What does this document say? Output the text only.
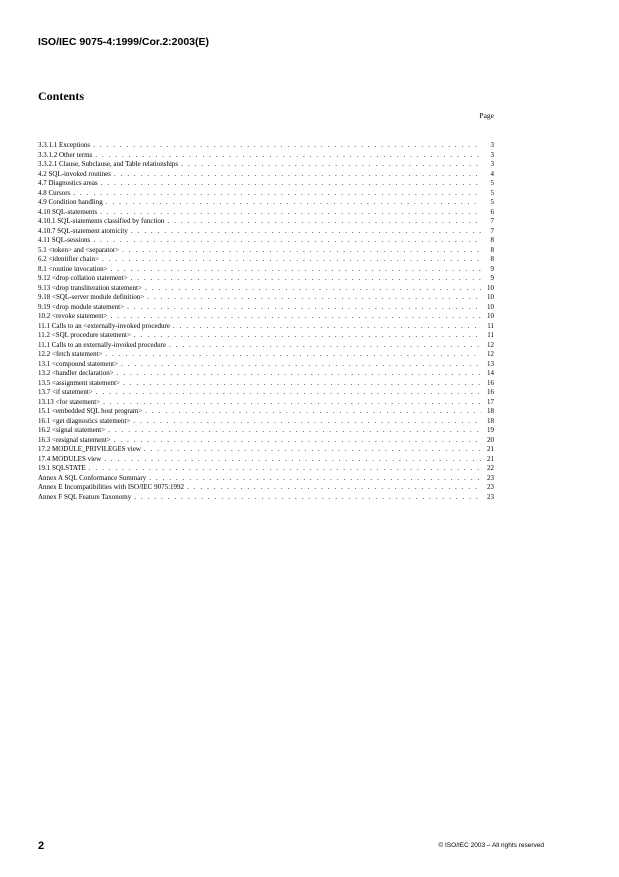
ISO/IEC 9075-4:1999/Cor.2:2003(E)
Contents
Page
3.3.1.1 Exceptions . . .	3
3.3.1.2 Other terms . . .	3
3.3.2.1 Clause, Subclause, and Table relationships . . .	3
4.2 SQL-invoked routines . . .	4
4.7 Diagnostics areas . . .	5
4.8 Cursors . . .	5
4.9 Condition handling . . .	5
4.10 SQL-statements . . .	6
4.10.1 SQL-statements classified by function . . .	7
4.10.7 SQL-statement atomicity . . .	7
4.11 SQL-sessions . . .	8
5.1 <token> and <separator> . . .	8
6.2 <identifier chain> . . .	8
8.1 <routine invocation> . . .	9
9.12 <drop collation statement> . . .	9
9.13 <drop transliteration statement> . . .	10
9.18 <SQL-server module definition> . . .	10
9.19 <drop module statement> . . .	10
10.2 <revoke statement> . . .	10
11.1 Calls to an <externally-invoked procedure . . .	11
11.2 <SQL procedure statement> . . .	11
11.1 Calls to an externally-invoked procedure . . .	12
12.2 <fetch statement> . . .	12
13.1 <compound statement> . . .	13
13.2 <handler declaration> . . .	14
13.5 <assignment statement> . . .	16
13.7 <if statement> . . .	16
13.13 <for statement> . . .	17
15.1 <embedded SQL host program> . . .	18
16.1 <get diagnostics statement> . . .	18
16.2 <signal statement> . . .	19
16.3 <resignal statement> . . .	20
17.2 MODULE_PRIVILEGES view . . .	21
17.4 MODULES view . . .	21
19.1 SQLSTATE . . .	22
Annex A SQL Conformance Summary . . .	23
Annex E Incompatibilities with ISO/IEC 9075:1992 . . .	23
Annex F SQL Feature Taxonomy . . .	23
2	© ISO/IEC 2003 – All rights reserved
